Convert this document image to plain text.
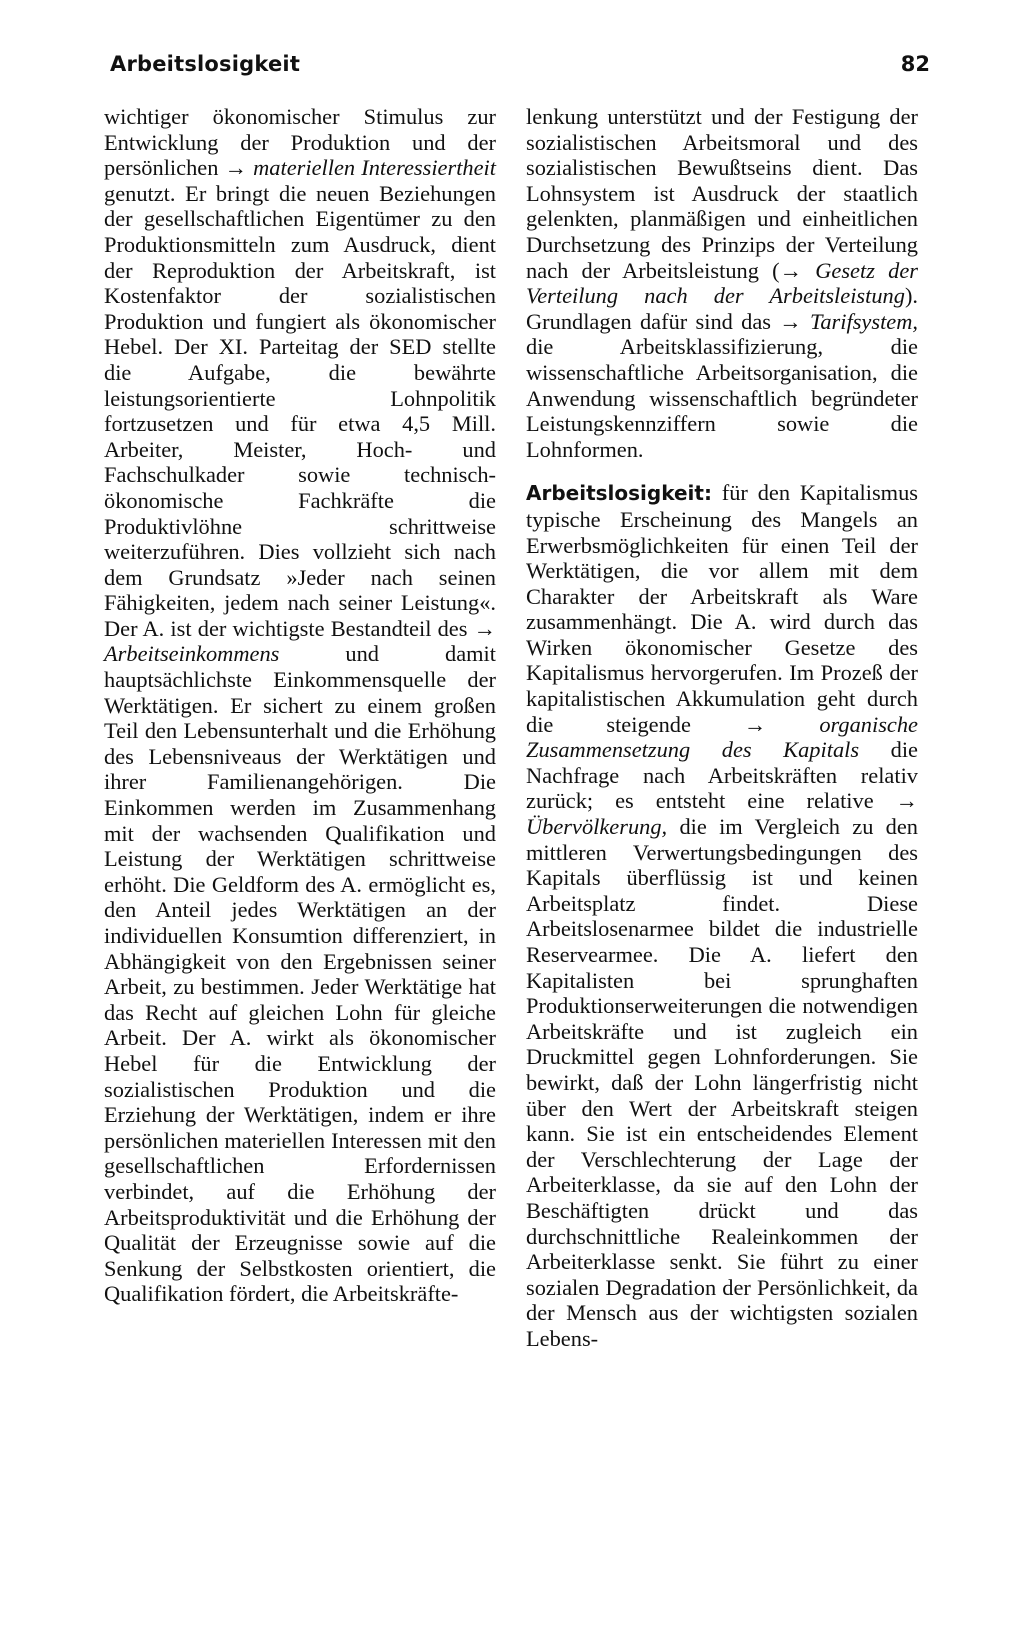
Arbeitslosigkeit	82

wichtiger ökonomischer Stimulus zur Entwicklung der Produktion und der persönlichen → materiellen Interessiertheit genutzt. Er bringt die neuen Beziehungen der gesellschaftlichen Eigentümer zu den Produktionsmitteln zum Ausdruck, dient der Reproduktion der Arbeitskraft, ist Kostenfaktor der sozialistischen Produktion und fungiert als ökonomischer Hebel. Der XI. Parteitag der SED stellte die Aufgabe, die bewährte leistungsorientierte Lohnpolitik fortzusetzen und für etwa 4,5 Mill. Arbeiter, Meister, Hoch- und Fachschulkader sowie technisch-ökonomische Fachkräfte die Produktivlöhne schrittweise weiterzuführen. Dies vollzieht sich nach dem Grundsatz »Jeder nach seinen Fähigkeiten, jedem nach seiner Leistung«. Der A. ist der wichtigste Bestandteil des → Arbeitseinkommens und damit hauptsächlichste Einkommensquelle der Werktätigen. Er sichert zu einem großen Teil den Lebensunterhalt und die Erhöhung des Lebensniveaus der Werktätigen und ihrer Familienangehörigen. Die Einkommen werden im Zusammenhang mit der wachsenden Qualifikation und Leistung der Werktätigen schrittweise erhöht. Die Geldform des A. ermöglicht es, den Anteil jedes Werktätigen an der individuellen Konsumtion differenziert, in Abhängigkeit von den Ergebnissen seiner Arbeit, zu bestimmen. Jeder Werktätige hat das Recht auf gleichen Lohn für gleiche Arbeit. Der A. wirkt als ökonomischer Hebel für die Entwicklung der sozialistischen Produktion und die Erziehung der Werktätigen, indem er ihre persönlichen materiellen Interessen mit den gesellschaftlichen Erfordernissen verbindet, auf die Erhöhung der Arbeitsproduktivität und die Erhöhung der Qualität der Erzeugnisse sowie auf die Senkung der Selbstkosten orientiert, die Qualifikation fördert, die Arbeitskräfte-

lenkung unterstützt und der Festigung der sozialistischen Arbeitsmoral und des sozialistischen Bewußtseins dient. Das Lohnsystem ist Ausdruck der staatlich gelenkten, planmäßigen und einheitlichen Durchsetzung des Prinzips der Verteilung nach der Arbeitsleistung (→ Gesetz der Verteilung nach der Arbeitsleistung). Grundlagen dafür sind das → Tarifsystem, die Arbeitsklassifizierung, die wissenschaftliche Arbeitsorganisation, die Anwendung wissenschaftlich begründeter Leistungskennziffern sowie die Lohnformen.

Arbeitslosigkeit: für den Kapitalismus typische Erscheinung des Mangels an Erwerbsmöglichkeiten für einen Teil der Werktätigen, die vor allem mit dem Charakter der Arbeitskraft als Ware zusammenhängt. Die A. wird durch das Wirken ökonomischer Gesetze des Kapitalismus hervorgerufen. Im Prozeß der kapitalistischen Akkumulation geht durch die steigende → organische Zusammensetzung des Kapitals die Nachfrage nach Arbeitskräften relativ zurück; es entsteht eine relative → Übervölkerung, die im Vergleich zu den mittleren Verwertungsbedingungen des Kapitals überflüssig ist und keinen Arbeitsplatz findet. Diese Arbeitslosenarmee bildet die industrielle Reservearmee. Die A. liefert den Kapitalisten bei sprunghaften Produktionserweiterungen die notwendigen Arbeitskräfte und ist zugleich ein Druckmittel gegen Lohnforderungen. Sie bewirkt, daß der Lohn längerfristig nicht über den Wert der Arbeitskraft steigen kann. Sie ist ein entscheidendes Element der Verschlechterung der Lage der Arbeiterklasse, da sie auf den Lohn der Beschäftigten drückt und das durchschnittliche Realeinkommen der Arbeiterklasse senkt. Sie führt zu einer sozialen Degradation der Persönlichkeit, da der Mensch aus der wichtigsten sozialen Lebens-
